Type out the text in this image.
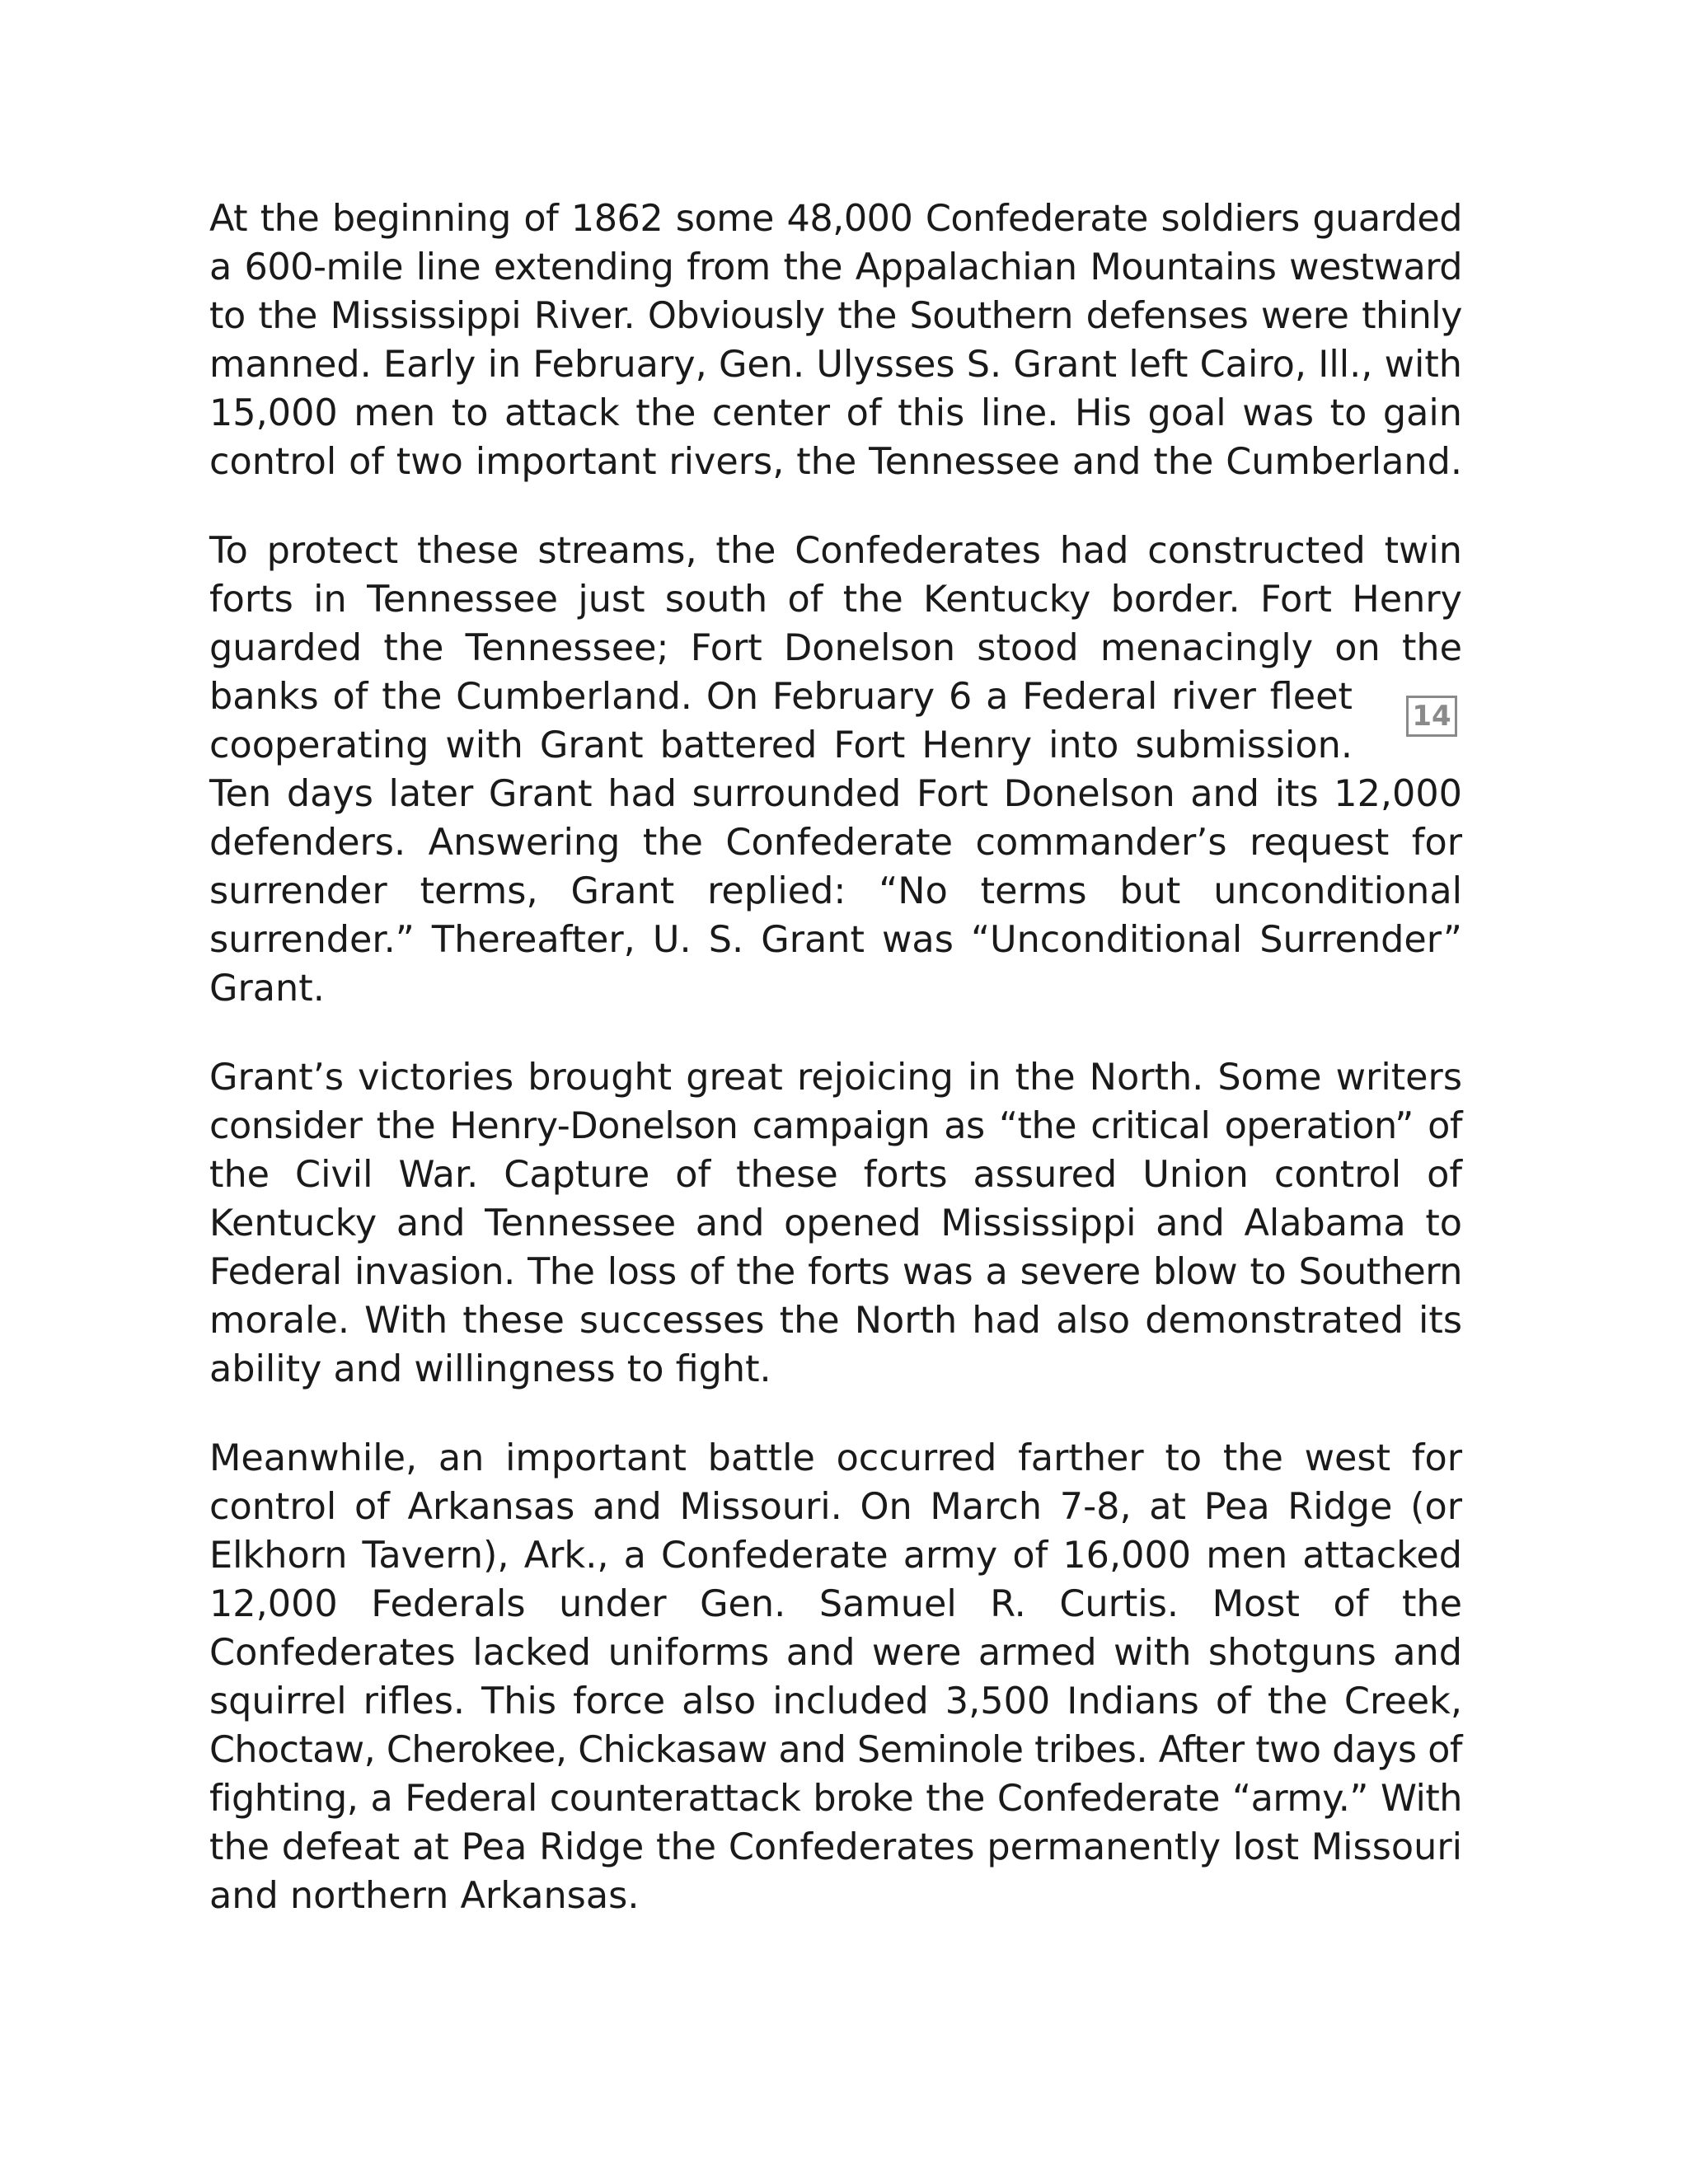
At the beginning of 1862 some 48,000 Confederate soldiers guarded
a 600-mile line extending from the Appalachian Mountains westward
to the Mississippi River. Obviously the Southern defenses were thinly
manned. Early in February, Gen. Ulysses S. Grant left Cairo, Ill., with
15,000 men to attack the center of this line. His goal was to gain
control of two important rivers, the Tennessee and the Cumberland.
To protect these streams, the Confederates had constructed twin
forts in Tennessee just south of the Kentucky border. Fort Henry
guarded the Tennessee; Fort Donelson stood menacingly on the
banks of the Cumberland. On February 6 a Federal river fleet
cooperating with Grant battered Fort Henry into submission.
Ten days later Grant had surrounded Fort Donelson and its 12,000
defenders. Answering the Confederate commander’s request for
surrender terms, Grant replied: “No terms but unconditional
surrender.” Thereafter, U. S. Grant was “Unconditional Surrender”
Grant.
Grant’s victories brought great rejoicing in the North. Some writers
consider the Henry-Donelson campaign as “the critical operation” of
the Civil War. Capture of these forts assured Union control of
Kentucky and Tennessee and opened Mississippi and Alabama to
Federal invasion. The loss of the forts was a severe blow to Southern
morale. With these successes the North had also demonstrated its
ability and willingness to fight.
Meanwhile, an important battle occurred farther to the west for
control of Arkansas and Missouri. On March 7-8, at Pea Ridge (or
Elkhorn Tavern), Ark., a Confederate army of 16,000 men attacked
12,000 Federals under Gen. Samuel R. Curtis. Most of the
Confederates lacked uniforms and were armed with shotguns and
squirrel rifles. This force also included 3,500 Indians of the Creek,
Choctaw, Cherokee, Chickasaw and Seminole tribes. After two days of
fighting, a Federal counterattack broke the Confederate “army.” With
the defeat at Pea Ridge the Confederates permanently lost Missouri
and northern Arkansas.
14
